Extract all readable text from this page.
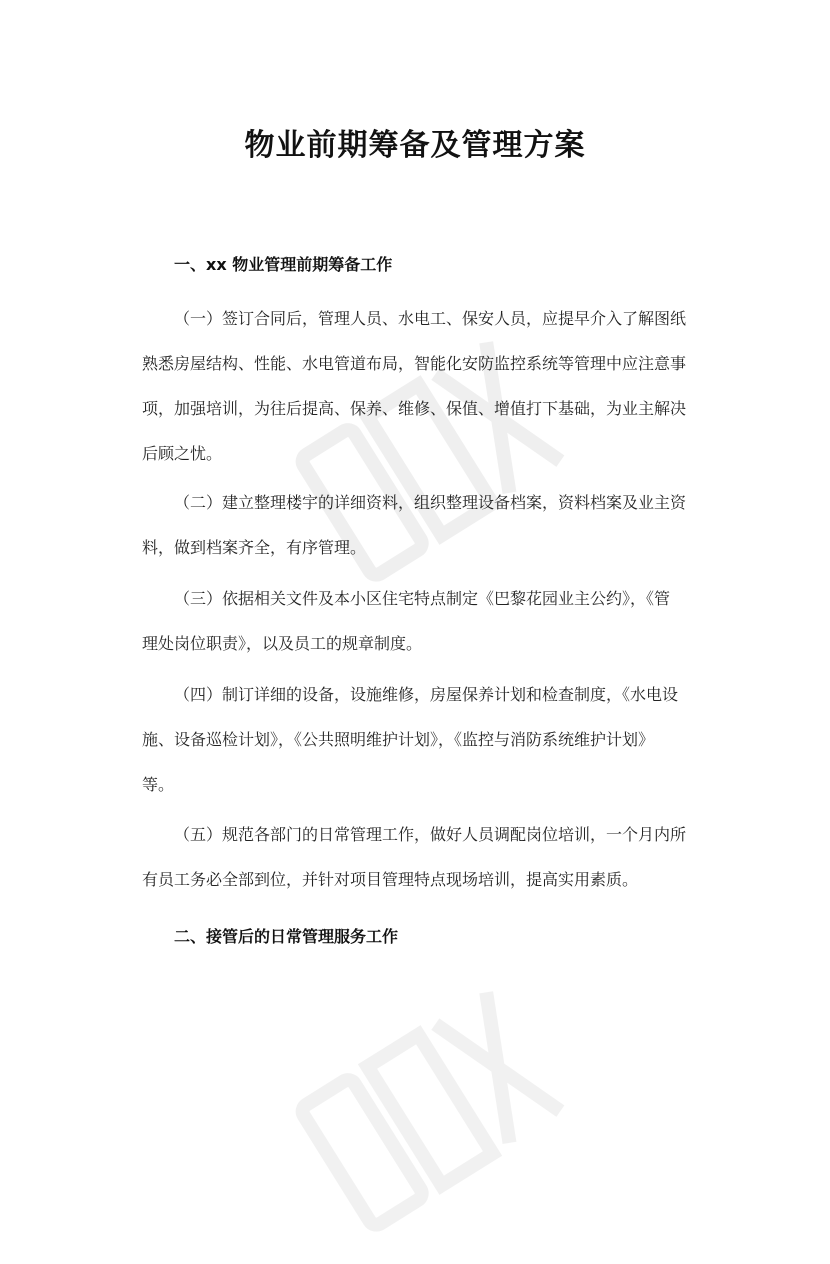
物业前期筹备及管理方案
一、xx 物业管理前期筹备工作

（一）签订合同后，管理人员、水电工、保安人员，应提早介入了解图纸
熟悉房屋结构、性能、水电管道布局，智能化安防监控系统等管理中应注意事
项，加强培训，为往后提高、保养、维修、保值、增值打下基础，为业主解决
后顾之忧。

（二）建立整理楼宇的详细资料，组织整理设备档案，资料档案及业主资
料，做到档案齐全，有序管理。

（三）依据相关文件及本小区住宅特点制定《巴黎花园业主公约》，《管
理处岗位职责》，以及员工的规章制度。

（四）制订详细的设备，设施维修，房屋保养计划和检查制度，《水电设
施、设备巡检计划》，《公共照明维护计划》，《监控与消防系统维护计划》
等。

（五）规范各部门的日常管理工作，做好人员调配岗位培训，一个月内所
有员工务必全部到位，并针对项目管理特点现场培训，提高实用素质。

二、接管后的日常管理服务工作
